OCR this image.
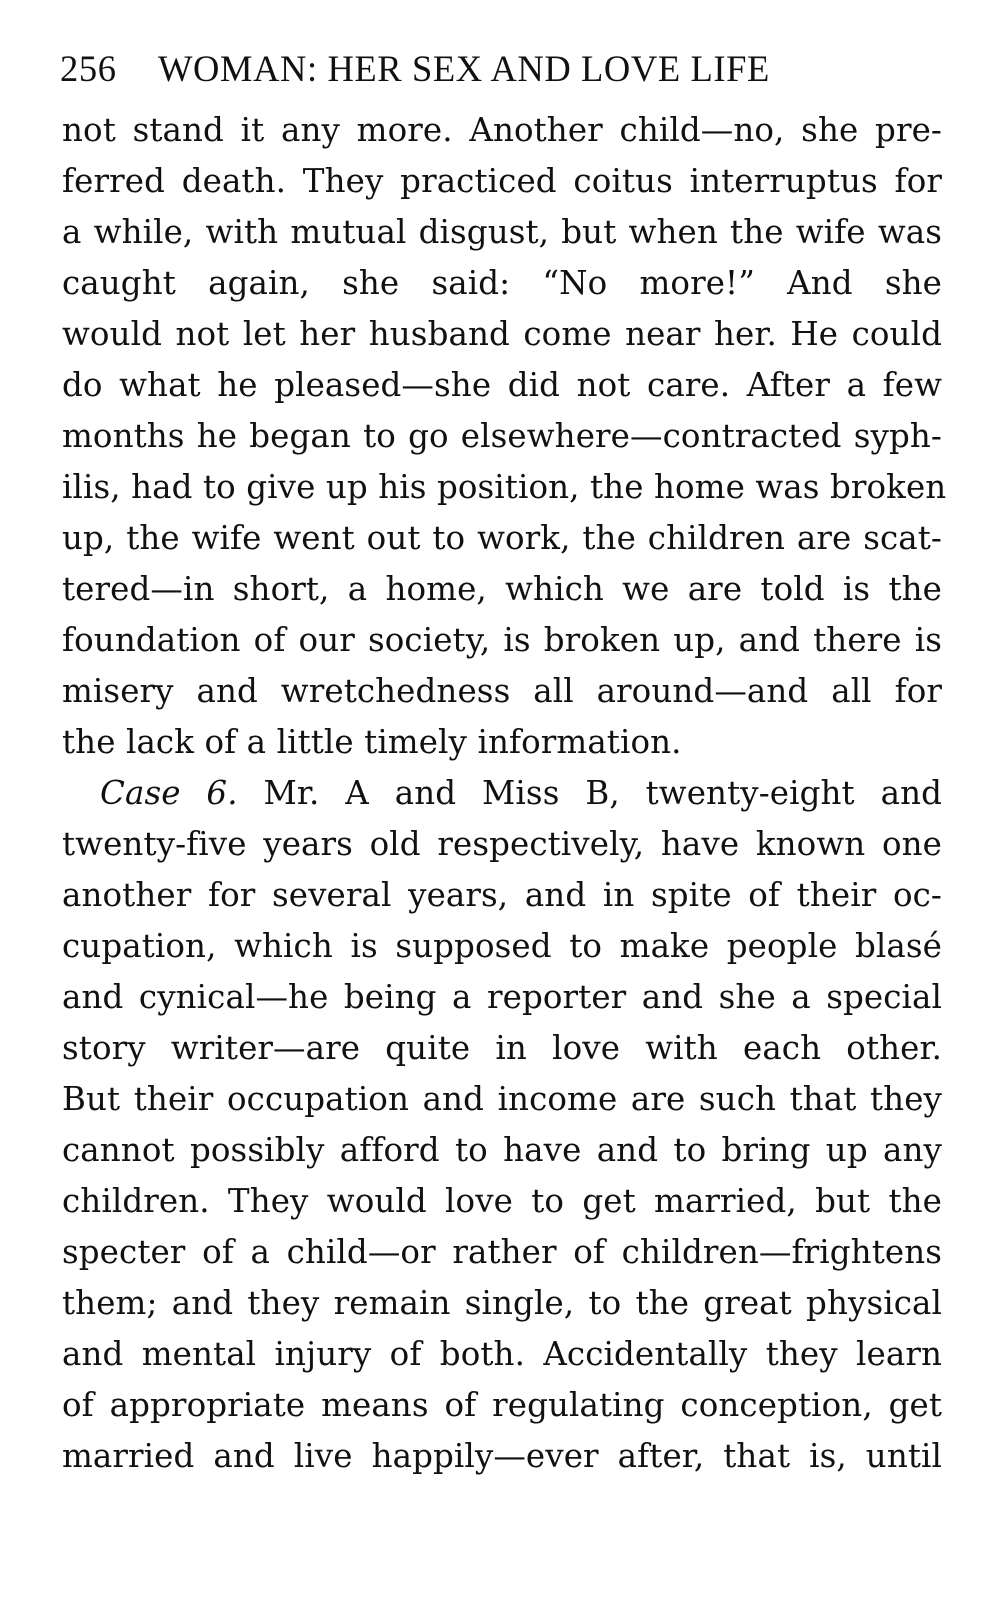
256 WOMAN: HER SEX AND LOVE LIFE
not stand it any more. Another child—no, she pre-
ferred death. They practiced coitus interruptus for
a while, with mutual disgust, but when the wife was
caught again, she said: “No more!” And she
would not let her husband come near her. He could
do what he pleased—she did not care. After a few
months he began to go elsewhere—contracted syph-
ilis, had to give up his position, the home was broken
up, the wife went out to work, the children are scat-
tered—in short, a home, which we are told is the
foundation of our society, is broken up, and there is
misery and wretchedness all around—and all for
the lack of a little timely information.
Case 6. Mr. A and Miss B, twenty-eight and
twenty-five years old respectively, have known one
another for several years, and in spite of their oc-
cupation, which is supposed to make people blasé
and cynical—he being a reporter and she a special
story writer—are quite in love with each other.
But their occupation and income are such that they
cannot possibly afford to have and to bring up any
children. They would love to get married, but the
specter of a child—or rather of children—frightens
them; and they remain single, to the great physical
and mental injury of both. Accidentally they learn
of appropriate means of regulating conception, get
married and live happily—ever after, that is, until
